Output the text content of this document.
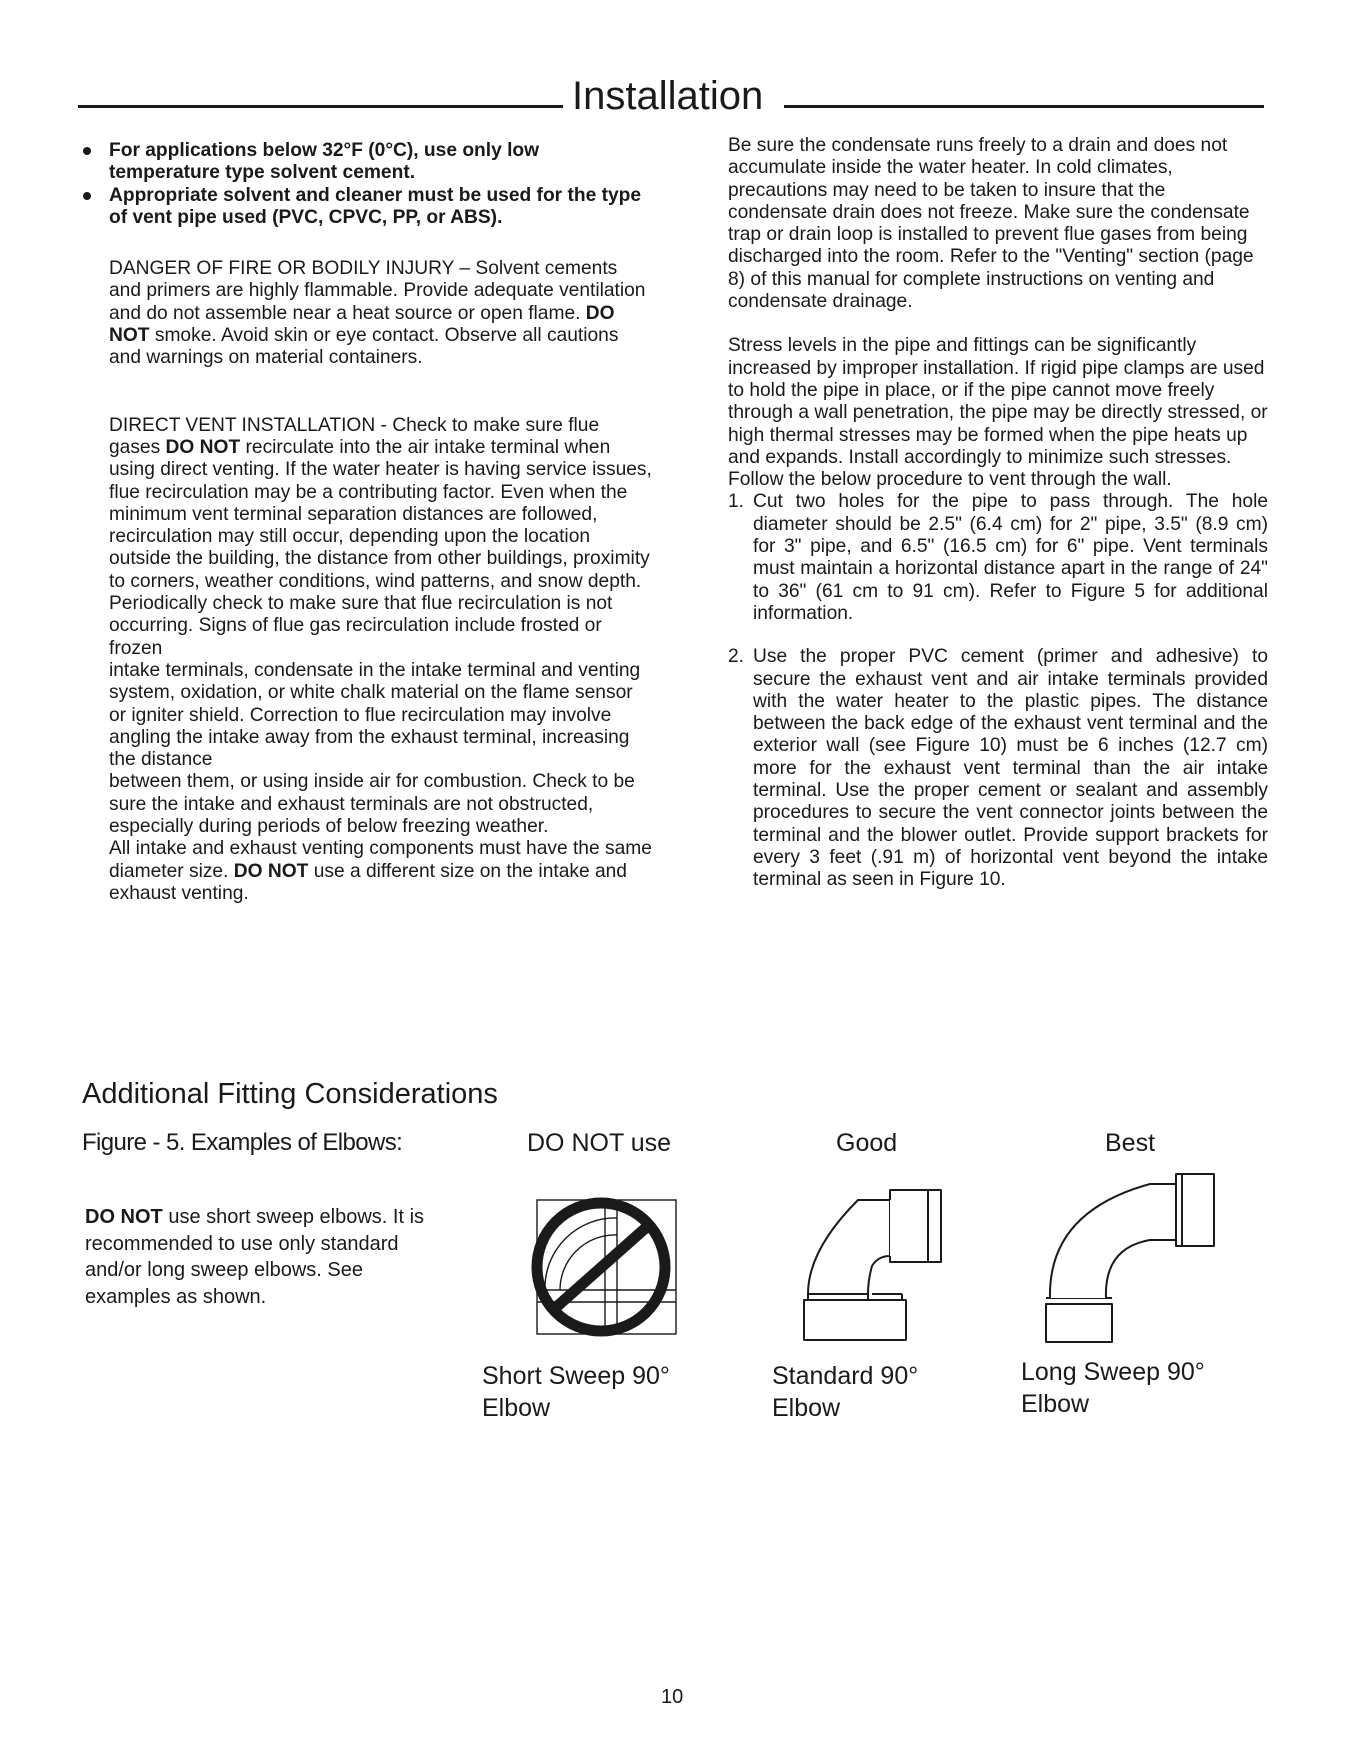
Installation
For applications below 32°F (0°C), use only low temperature type solvent cement.
Appropriate solvent and cleaner must be used for the type of vent pipe used (PVC, CPVC, PP, or ABS).

DANGER OF FIRE OR BODILY INJURY – Solvent cements and primers are highly flammable. Provide adequate ventilation and do not assemble near a heat source or open flame. DO NOT smoke. Avoid skin or eye contact. Observe all cautions and warnings on material containers.

DIRECT VENT INSTALLATION - Check to make sure flue gases DO NOT recirculate into the air intake terminal when using direct venting. If the water heater is having service issues, flue recirculation may be a contributing factor. Even when the minimum vent terminal separation distances are followed, recirculation may still occur, depending upon the location outside the building, the distance from other buildings, proximity to corners, weather conditions, wind patterns, and snow depth. Periodically check to make sure that flue recirculation is not occurring. Signs of flue gas recirculation include frosted or frozen

intake terminals, condensate in the intake terminal and venting system, oxidation, or white chalk material on the flame sensor or igniter shield. Correction to flue recirculation may involve angling the intake away from the exhaust terminal, increasing the distance

between them, or using inside air for combustion. Check to be sure the intake and exhaust terminals are not obstructed, especially during periods of below freezing weather.

All intake and exhaust venting components must have the same diameter size. DO NOT use a different size on the intake and exhaust venting.

Be sure the condensate runs freely to a drain and does not accumulate inside the water heater. In cold climates, precautions may need to be taken to insure that the condensate drain does not freeze. Make sure the condensate trap or drain loop is installed to prevent flue gases from being discharged into the room. Refer to the "Venting" section (page 8) of this manual for complete instructions on venting and condensate drainage.

Stress levels in the pipe and fittings can be significantly increased by improper installation. If rigid pipe clamps are used to hold the pipe in place, or if the pipe cannot move freely through a wall penetration, the pipe may be directly stressed, or high thermal stresses may be formed when the pipe heats up and expands. Install accordingly to minimize such stresses. Follow the below procedure to vent through the wall.

1. Cut two holes for the pipe to pass through. The hole diameter should be 2.5" (6.4 cm) for 2" pipe, 3.5" (8.9 cm) for 3" pipe, and 6.5" (16.5 cm) for 6" pipe. Vent terminals must maintain a horizontal distance apart in the range of 24" to 36" (61 cm to 91 cm). Refer to Figure 5 for additional information.
2. Use the proper PVC cement (primer and adhesive) to secure the exhaust vent and air intake terminals provided with the water heater to the plastic pipes. The distance between the back edge of the exhaust vent terminal and the exterior wall (see Figure 10) must be 6 inches (12.7 cm) more for the exhaust vent terminal than the air intake terminal. Use the proper cement or sealant and assembly procedures to secure the vent connector joints between the terminal and the blower outlet. Provide support brackets for every 3 feet (.91 m) of horizontal vent beyond the intake terminal as seen in Figure 10.
Additional Fitting Considerations
Figure - 5. Examples of Elbows:
DO NOT use short sweep elbows. It is recommended to use only standard and/or long sweep elbows. See examples as shown.
DO NOT use	Good	Best
Short Sweep 90°
Elbow
Standard 90°
Elbow
Long Sweep 90°
Elbow
10
